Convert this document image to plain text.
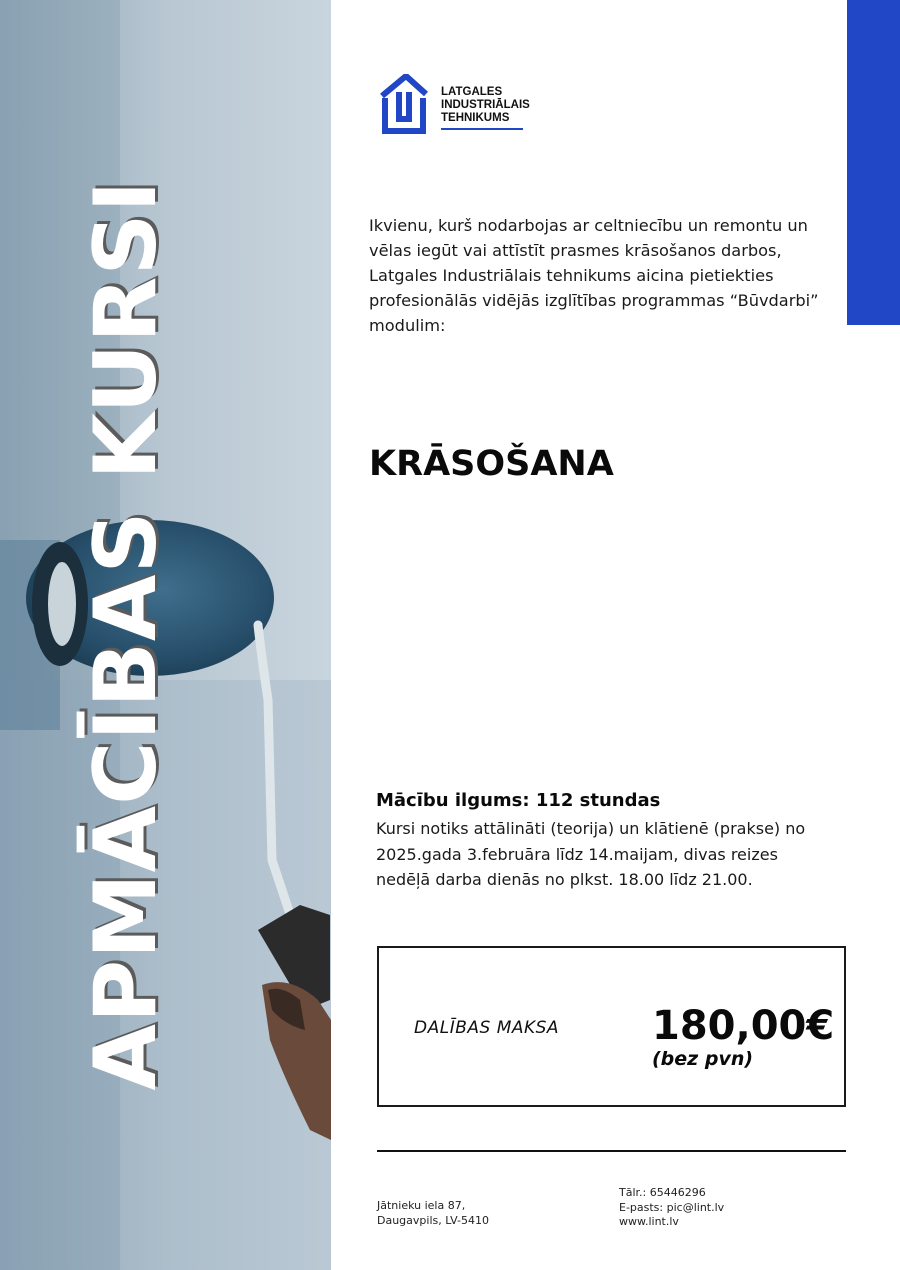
APMĀCĪBAS KURSI
LATGALES
INDUSTRIĀLAIS
TEHNIKUMS
Ikvienu, kurš nodarbojas ar celtniecību un remontu un vēlas iegūt vai attīstīt prasmes krāsošanos darbos, Latgales Industriālais tehnikums aicina pietiekties profesionālās vidējās izglītības programmas “Būvdarbi” modulim:
KRĀSOŠANA
Mācību ilgums: 112 stundas
Kursi notiks attālināti (teorija) un klātienē (prakse) no 2025.gada 3.februāra līdz 14.maijam, divas reizes nedēļā darba dienās no plkst. 18.00 līdz 21.00.
DALĪBAS MAKSA 180,00€
(bez pvn)
Jātnieku iela 87,
Daugavpils, LV-5410
Tālr.: 65446296
E-pasts: pic@lint.lv
www.lint.lv
